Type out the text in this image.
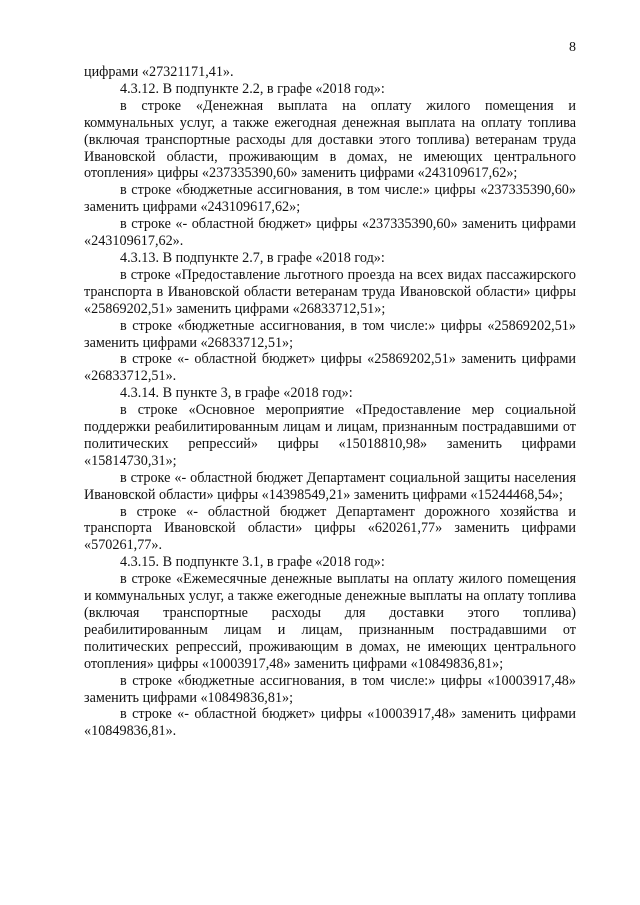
8

цифрами «27321171,41».

4.3.12. В подпункте 2.2, в графе «2018 год»:

в строке «Денежная выплата на оплату жилого помещения и коммунальных услуг, а также ежегодная денежная выплата на оплату топлива (включая транспортные расходы для доставки этого топлива) ветеранам труда Ивановской области, проживающим в домах, не имеющих центрального отопления» цифры «237335390,60» заменить цифрами «243109617,62»;

в строке «бюджетные ассигнования, в том числе:» цифры «237335390,60» заменить цифрами «243109617,62»;

в строке «- областной бюджет» цифры «237335390,60» заменить цифрами «243109617,62».

4.3.13. В подпункте 2.7, в графе «2018 год»:

в строке «Предоставление льготного проезда на всех видах пассажирского транспорта в Ивановской области ветеранам труда Ивановской области» цифры «25869202,51» заменить цифрами «26833712,51»;

в строке «бюджетные ассигнования, в том числе:» цифры «25869202,51» заменить цифрами «26833712,51»;

в строке «- областной бюджет» цифры «25869202,51» заменить цифрами «26833712,51».

4.3.14. В пункте 3, в графе «2018 год»:

в строке «Основное мероприятие «Предоставление мер социальной поддержки реабилитированным лицам и лицам, признанным пострадавшими от политических репрессий» цифры «15018810,98» заменить цифрами «15814730,31»;

в строке «- областной бюджет Департамент социальной защиты населения Ивановской области» цифры «14398549,21» заменить цифрами «15244468,54»;

в строке «- областной бюджет Департамент дорожного хозяйства и транспорта Ивановской области» цифры «620261,77» заменить цифрами «570261,77».

4.3.15. В подпункте 3.1, в графе «2018 год»:

в строке «Ежемесячные денежные выплаты на оплату жилого помещения и коммунальных услуг, а также ежегодные денежные выплаты на оплату топлива (включая транспортные расходы для доставки этого топлива) реабилитированным лицам и лицам, признанным пострадавшими от политических репрессий, проживающим в домах, не имеющих центрального отопления» цифры «10003917,48» заменить цифрами «10849836,81»;

в строке «бюджетные ассигнования, в том числе:» цифры «10003917,48» заменить цифрами «10849836,81»;

в строке «- областной бюджет» цифры «10003917,48» заменить цифрами «10849836,81».
